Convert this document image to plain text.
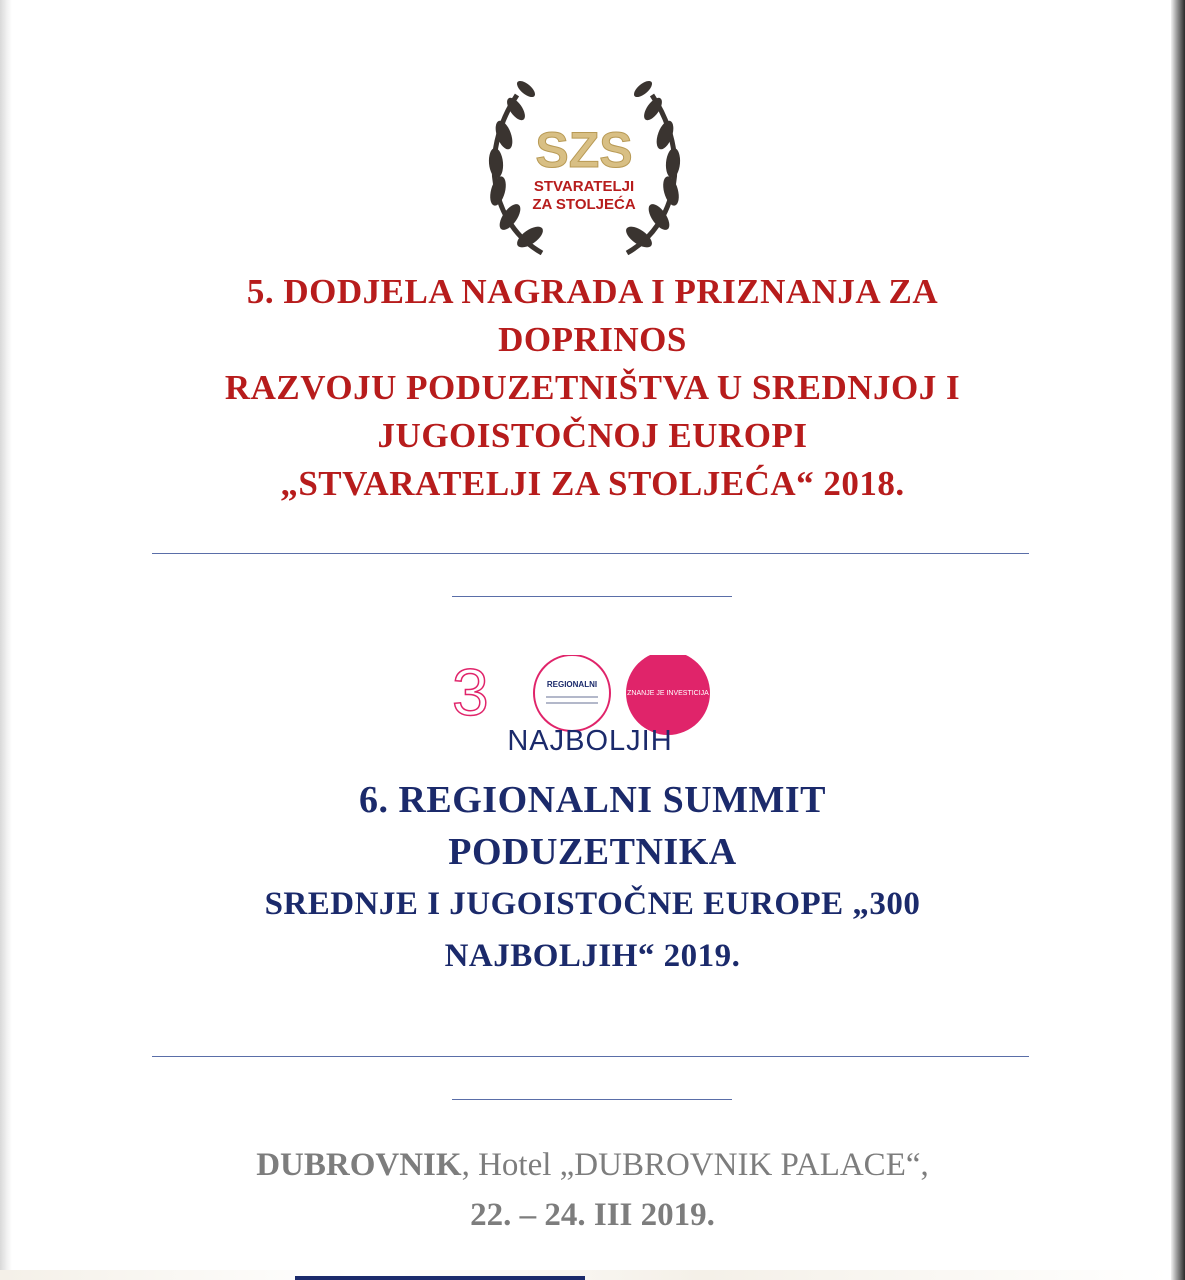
SZS
STVARATELJI
ZA STOLJEĆA
5. DODJELA NAGRADA I PRIZNANJA ZA
DOPRINOS
RAZVOJU PODUZETNIŠTVA U SREDNJOJ I
JUGOISTOČNOJ EUROPI
„STVARATELJI ZA STOLJEĆA“ 2018.
3	REGIONALNI
ZNANJE JE INVESTICIJA
NAJBOLJIH
6. REGIONALNI SUMMIT
PODUZETNIKA
SREDNJE I JUGOISTOČNE EUROPE „300
NAJBOLJIH“ 2019.
DUBROVNIK, Hotel „DUBROVNIK PALACE“,
22. – 24. III 2019.
